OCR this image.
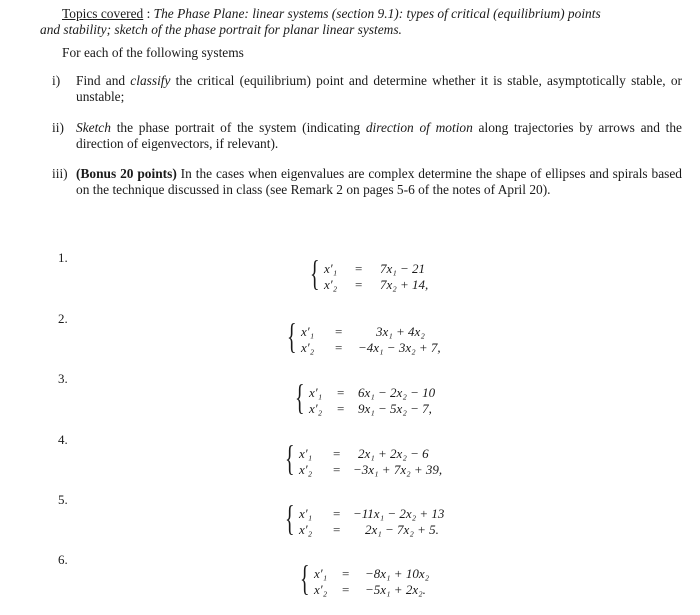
Topics covered : The Phase Plane: linear systems (section 9.1): types of critical (equilibrium) points
and stability; sketch of the phase portrait for planar linear systems.
For each of the following systems
i) Find and classify the critical (equilibrium) point and determine whether it is stable, asymptotically stable, or unstable;
ii) Sketch the phase portrait of the system (indicating direction of motion along trajectories by arrows and the direction of eigenvectors, if relevant).
iii) (Bonus 20 points) In the cases when eigenvalues are complex determine the shape of ellipses and spirals based on the technique discussed in class (see Remark 2 on pages 5-6 of the notes of April 20).
1.	{ x′₁ = 7x₁ − 21
x′₂ = 7x₂ + 14,
2.	{ x′₁ =	3x₁ + 4x₂
x′₂ = −4x₁ − 3x₂ + 7,
3.	{ x′₁ = 6x₁ − 2x₂ − 10
x′₂ = 9x₁ − 5x₂ − 7,
4.	{ x′₁ = 2x₁ + 2x₂ − 6
x′₂ = −3x₁ + 7x₂ + 39,
5.	{ x′₁ = −11x₁ − 2x₂ + 13
x′₂ = 2x₁ − 7x₂ + 5.
6.	{ x′₁ = −8x₁ + 10x₂
x′₂ = −5x₁ + 2x₂.
